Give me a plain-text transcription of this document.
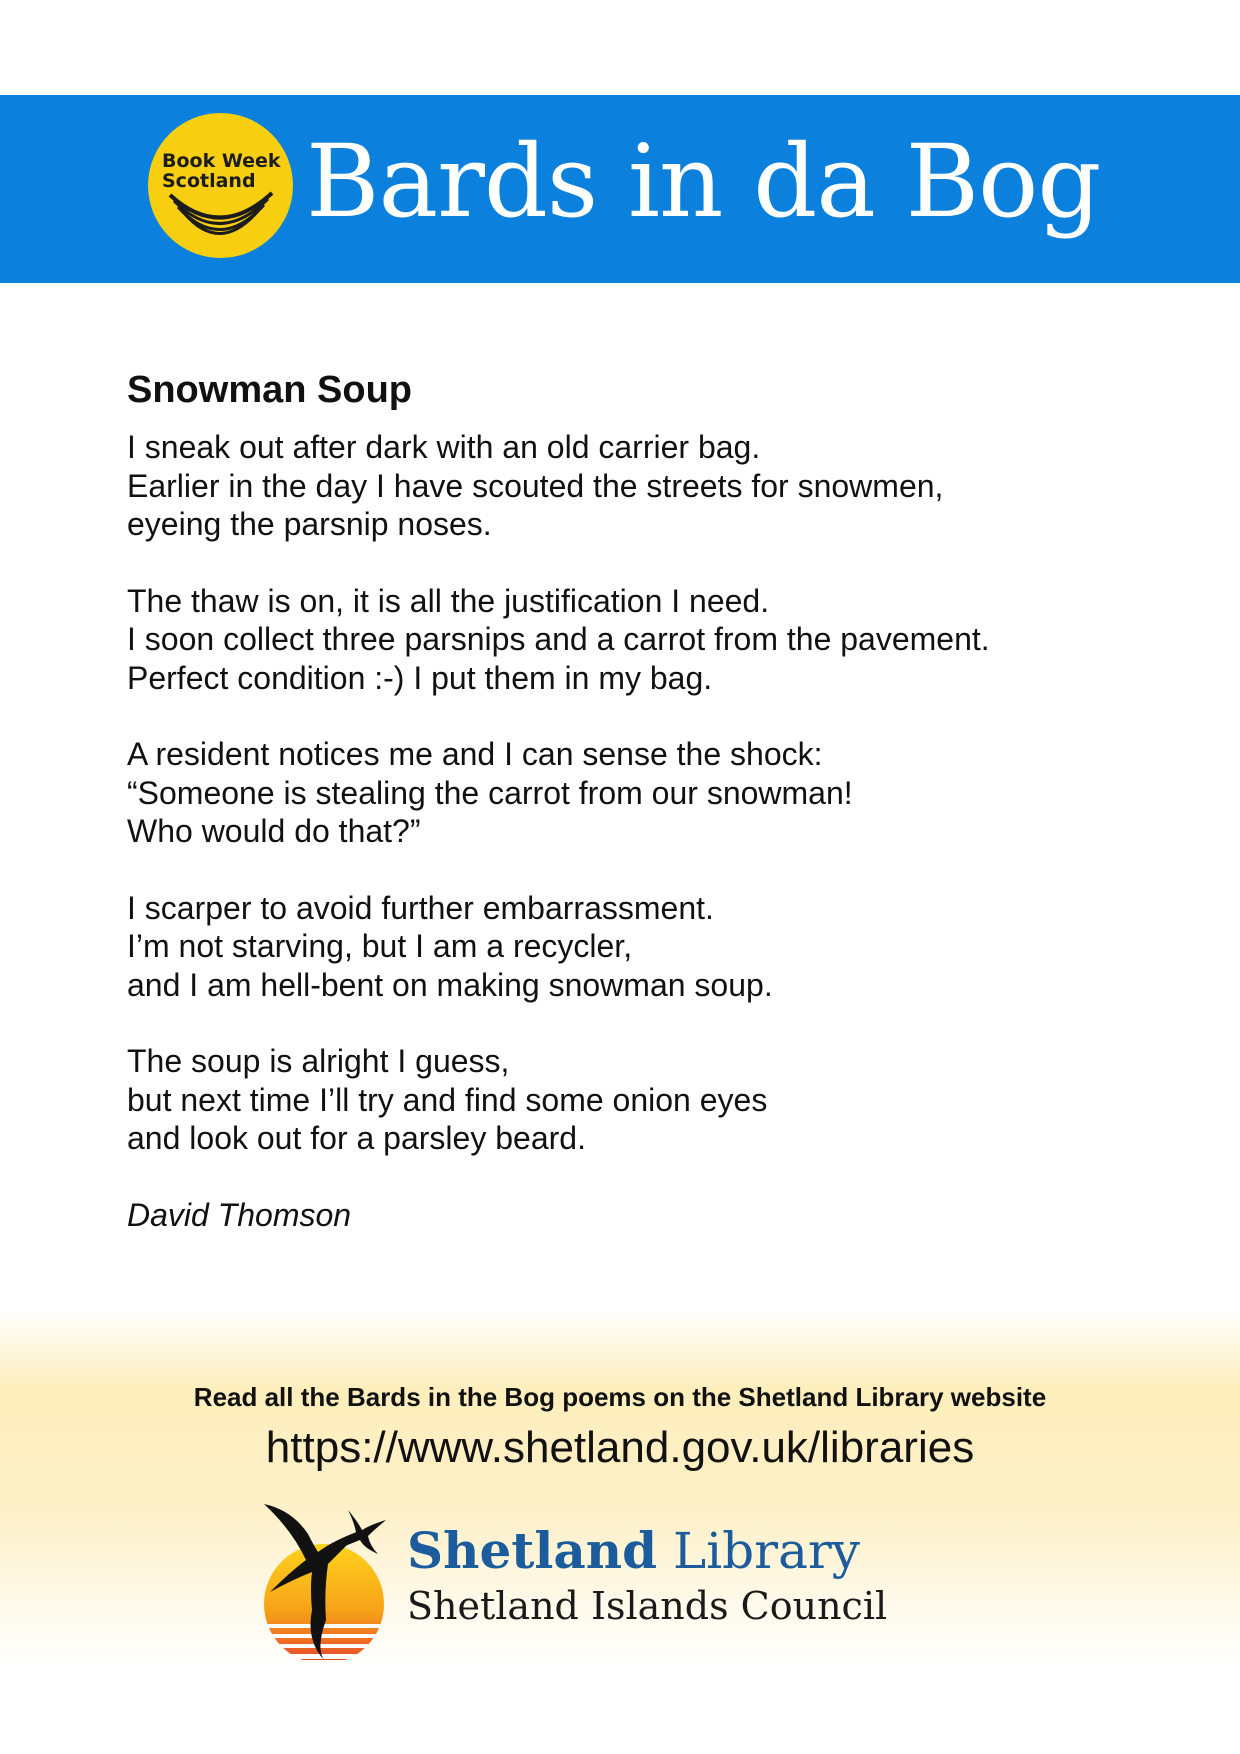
Book Week
Scotland Bards in da Bog
Snowman Soup
I sneak out after dark with an old carrier bag.
Earlier in the day I have scouted the streets for snowmen,
eyeing the parsnip noses.
The thaw is on, it is all the justification I need.
I soon collect three parsnips and a carrot from the pavement.
Perfect condition :-) I put them in my bag.
A resident notices me and I can sense the shock:
“Someone is stealing the carrot from our snowman!
Who would do that?”
I scarper to avoid further embarrassment.
I’m not starving, but I am a recycler,
and I am hell-bent on making snowman soup.
The soup is alright I guess,
but next time I’ll try and find some onion eyes
and look out for a parsley beard.
David Thomson
Read all the Bards in the Bog poems on the Shetland Library website
https://www.shetland.gov.uk/libraries
Shetland Library
Shetland Islands Council
